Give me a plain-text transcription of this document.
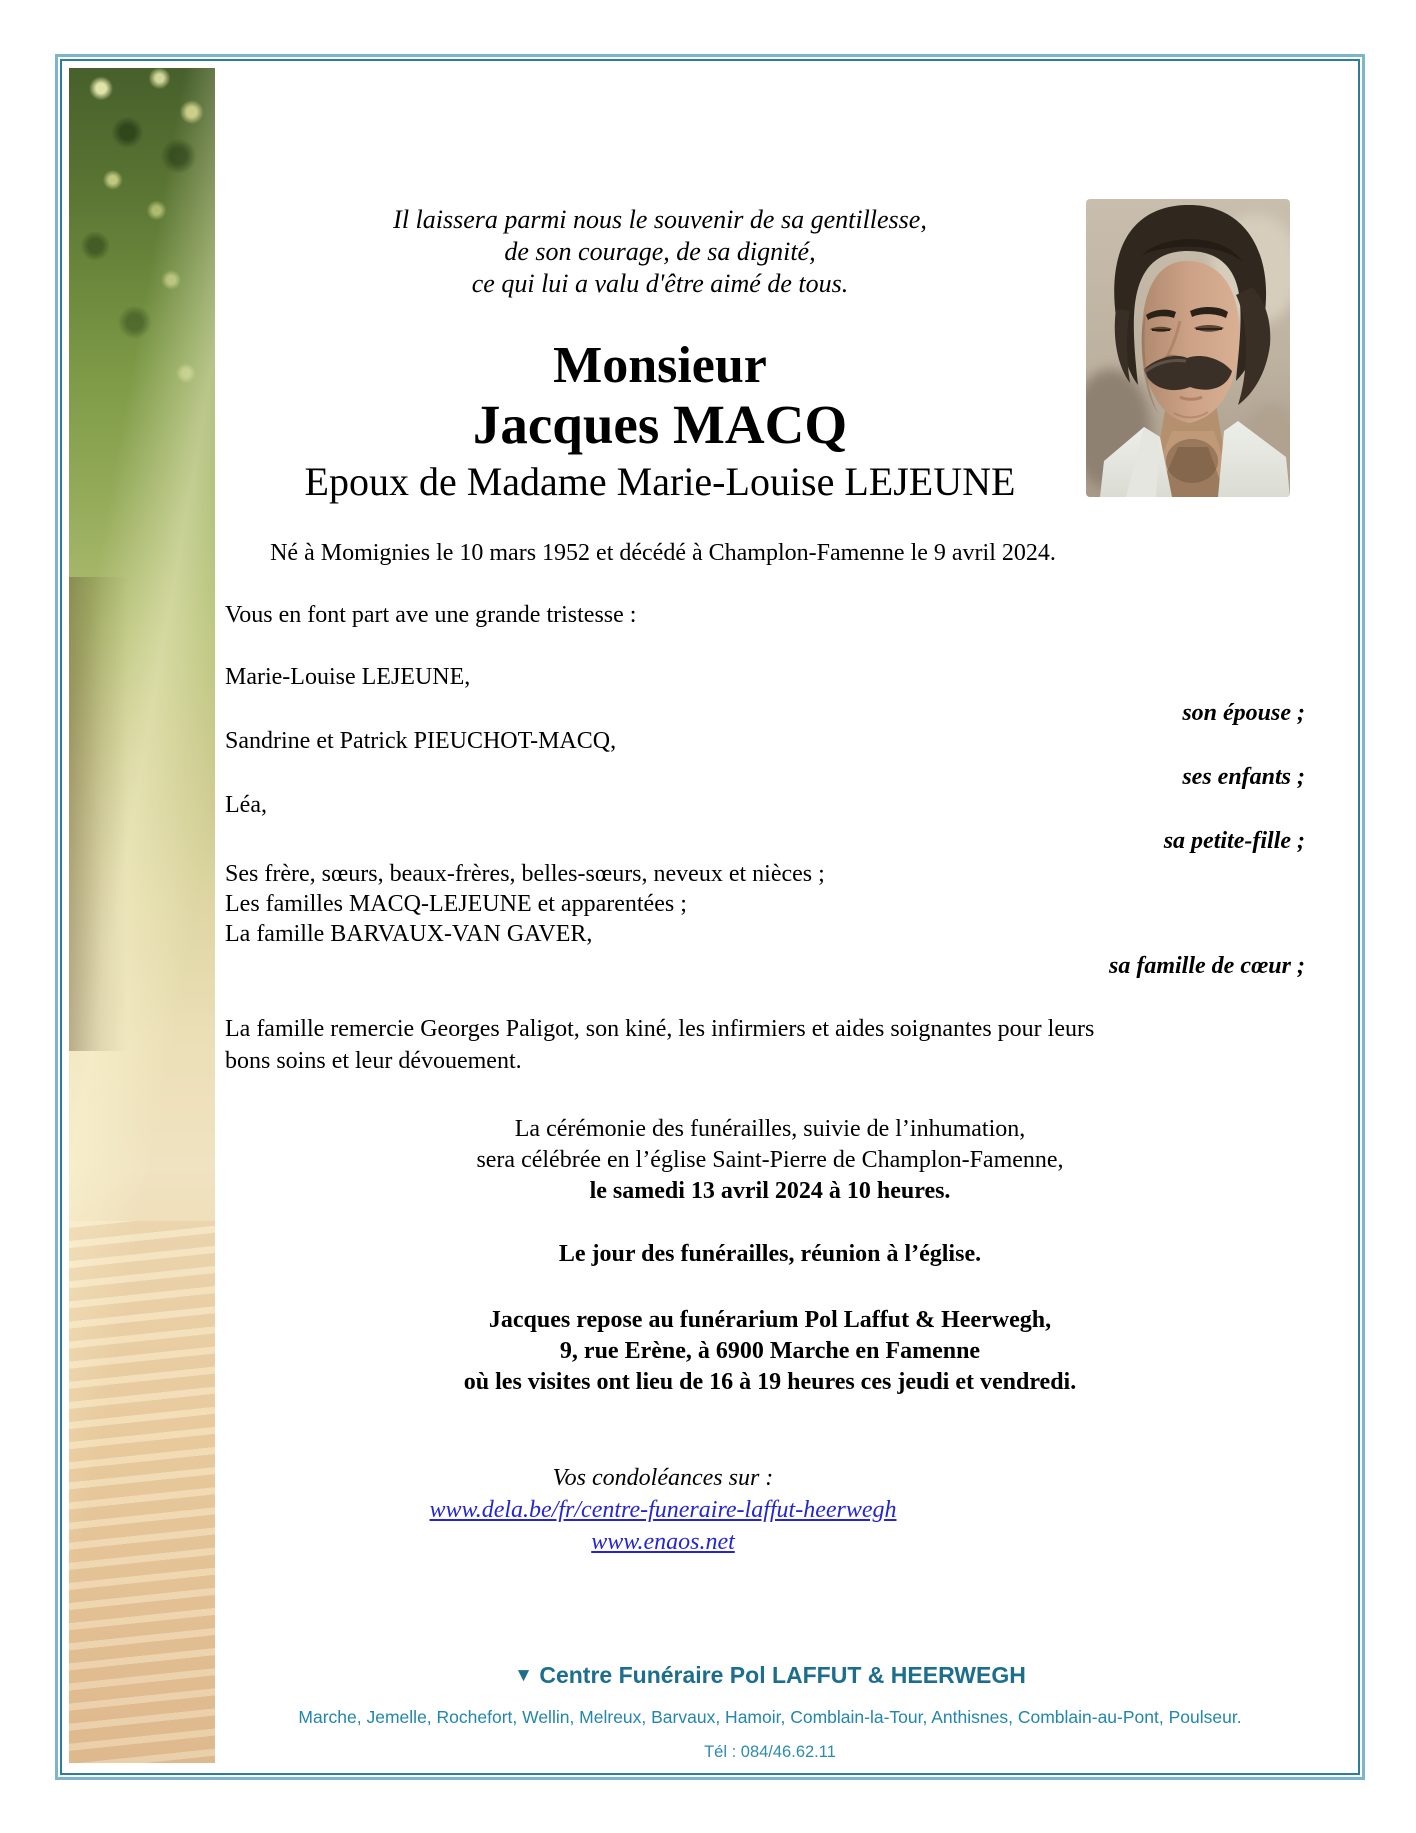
Il laissera parmi nous le souvenir de sa gentillesse,
de son courage, de sa dignité,
ce qui lui a valu d'être aimé de tous.
Monsieur
Jacques MACQ
Epoux de Madame Marie-Louise LEJEUNE
Né à Momignies le 10 mars 1952 et décédé à Champlon-Famenne le 9 avril 2024.
Vous en font part ave une grande tristesse :
Marie-Louise LEJEUNE,
son épouse ;
Sandrine et Patrick PIEUCHOT-MACQ,
ses enfants ;
Léa,
sa petite-fille ;
Ses frère, sœurs, beaux-frères, belles-sœurs, neveux et nièces ;
Les familles MACQ-LEJEUNE et apparentées ;
La famille BARVAUX-VAN GAVER,
sa famille de cœur ;
La famille remercie Georges Paligot, son kiné, les infirmiers et aides soignantes pour leurs
bons soins et leur dévouement.
La cérémonie des funérailles, suivie de l’inhumation,
sera célébrée en l’église Saint-Pierre de Champlon-Famenne,
le samedi 13 avril 2024 à 10 heures.
Le jour des funérailles, réunion à l’église.
Jacques repose au funérarium Pol Laffut & Heerwegh,
9, rue Erène, à 6900 Marche en Famenne
où les visites ont lieu de 16 à 19 heures ces jeudi et vendredi.
Vos condoléances sur :
www.dela.be/fr/centre-funeraire-laffut-heerwegh
www.enaos.net
▼ Centre Funéraire Pol LAFFUT & HEERWEGH
Marche, Jemelle, Rochefort, Wellin, Melreux, Barvaux, Hamoir, Comblain-la-Tour, Anthisnes, Comblain-au-Pont, Poulseur.
Tél : 084/46.62.11
